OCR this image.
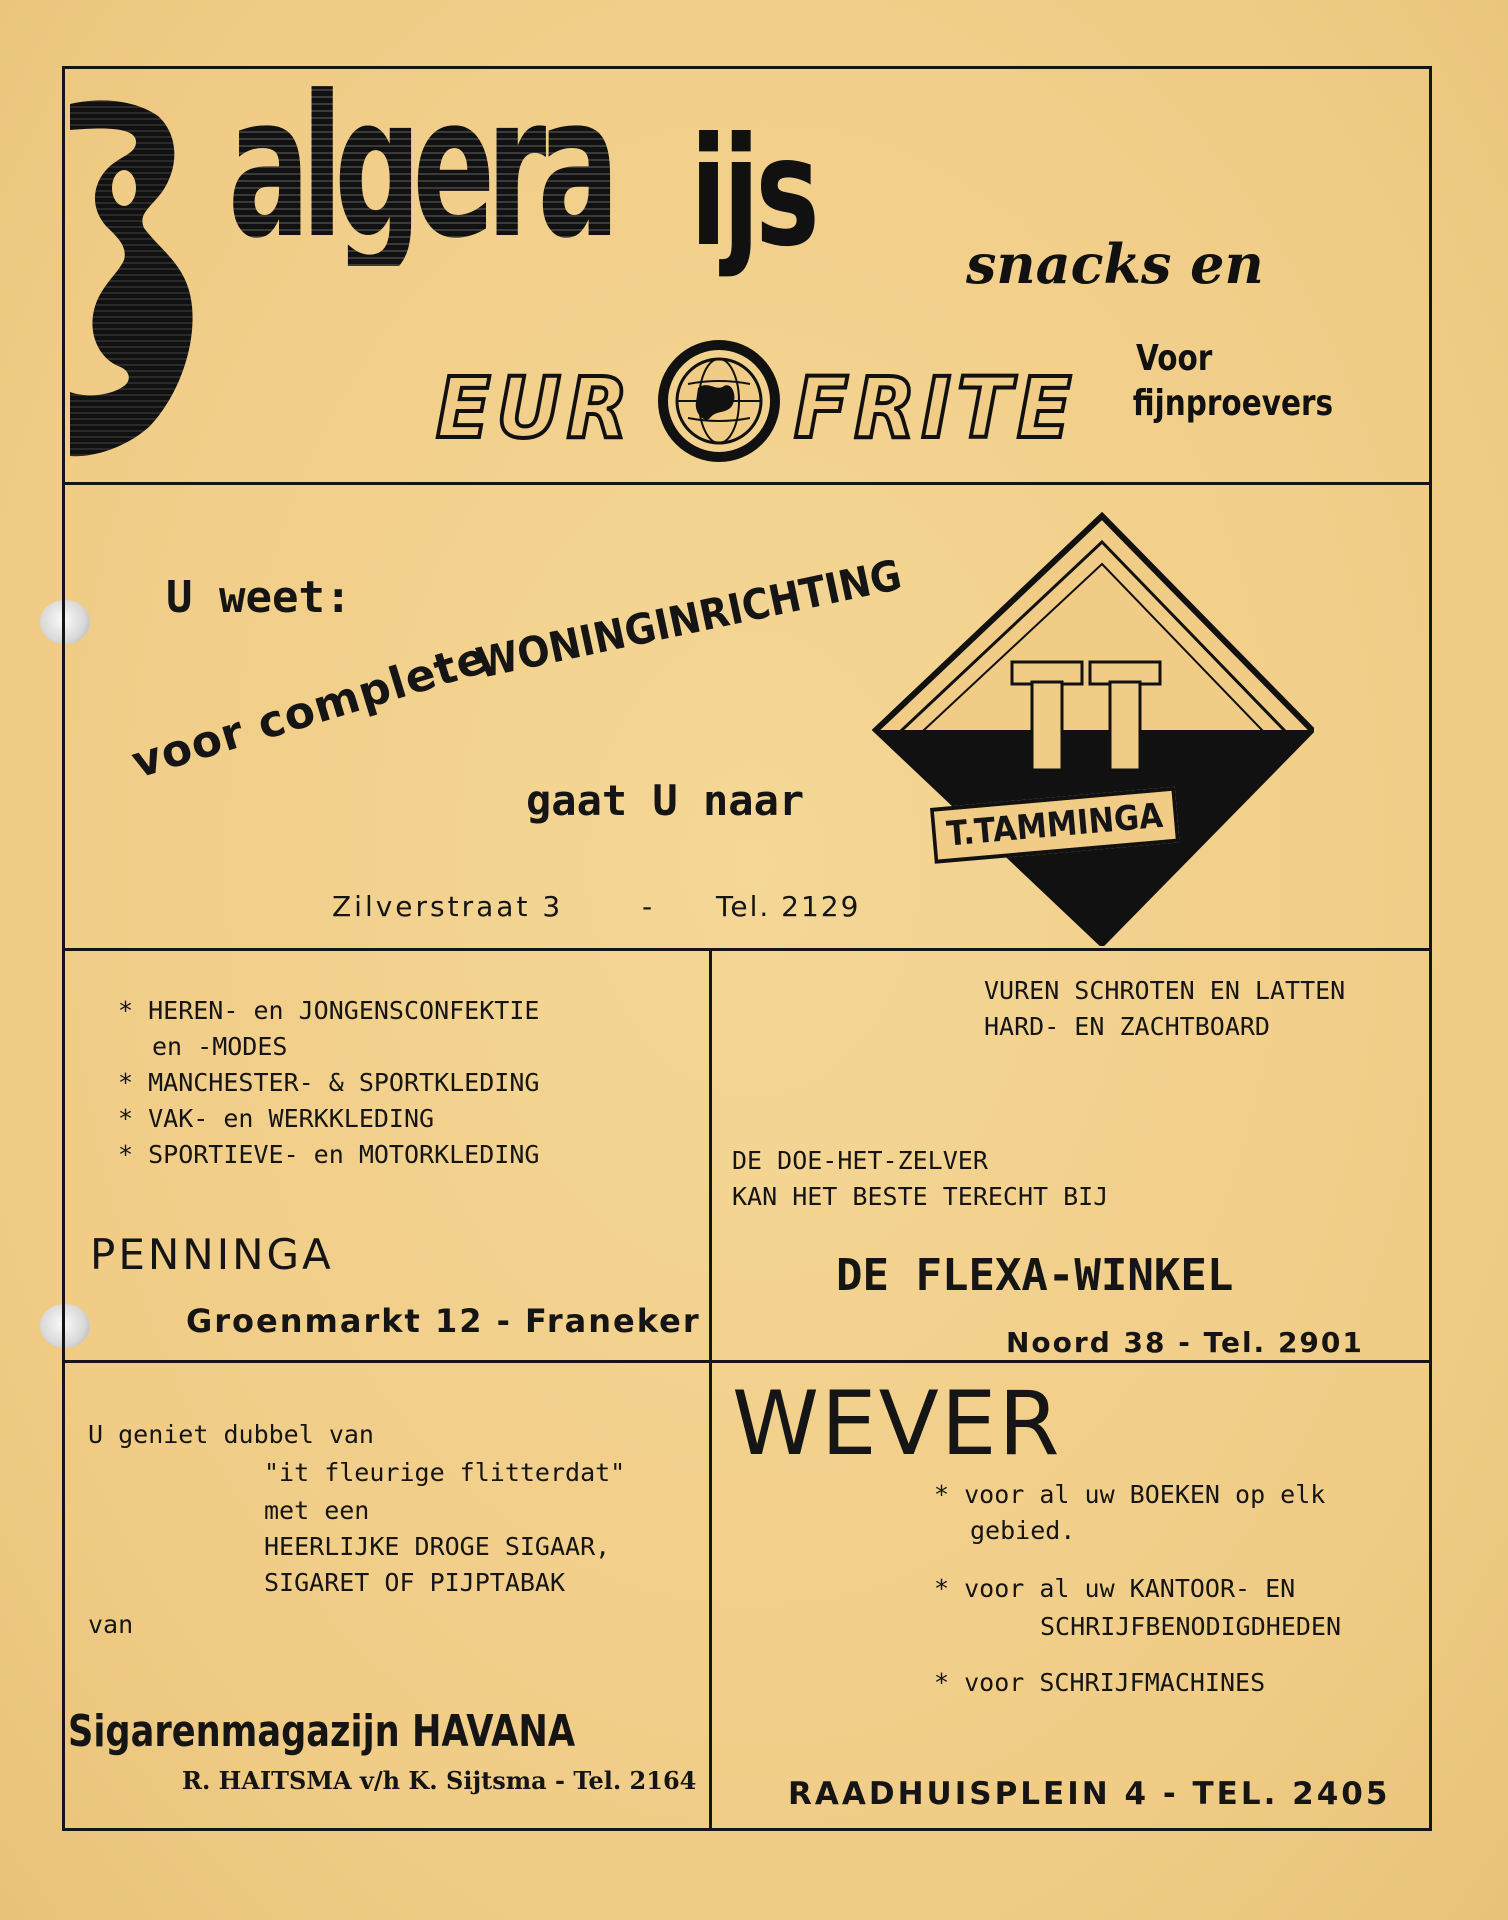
algera ijs	snacks en
EUR FRITE
Voor
fijnproevers
U weet:
voor complete
WONINGINRICHTING
gaat U naar
Zilverstraat 3	- Tel. 2129
T.TAMMINGA
* HEREN- en JONGENSCONFEKTIE
en -MODES
* MANCHESTER- & SPORTKLEDING
* VAK- en WERKKLEDING
* SPORTIEVE- en MOTORKLEDING
PENNINGA
Groenmarkt 12 - Franeker
VUREN SCHROTEN EN LATTEN
HARD- EN ZACHTBOARD
DE DOE-HET-ZELVER
KAN HET BESTE TERECHT BIJ
DE FLEXA-WINKEL
Noord 38 - Tel. 2901
U geniet dubbel van
"it fleurige flitterdat"
met een
HEERLIJKE DROGE SIGAAR,
SIGARET OF PIJPTABAK
van
Sigarenmagazijn HAVANA
R. HAITSMA v/h K. Sijtsma - Tel. 2164
WEVER
* voor al uw BOEKEN op elk
gebied.
* voor al uw KANTOOR- EN
SCHRIJFBENODIGDHEDEN
* voor SCHRIJFMACHINES
RAADHUISPLEIN 4 - TEL. 2405
